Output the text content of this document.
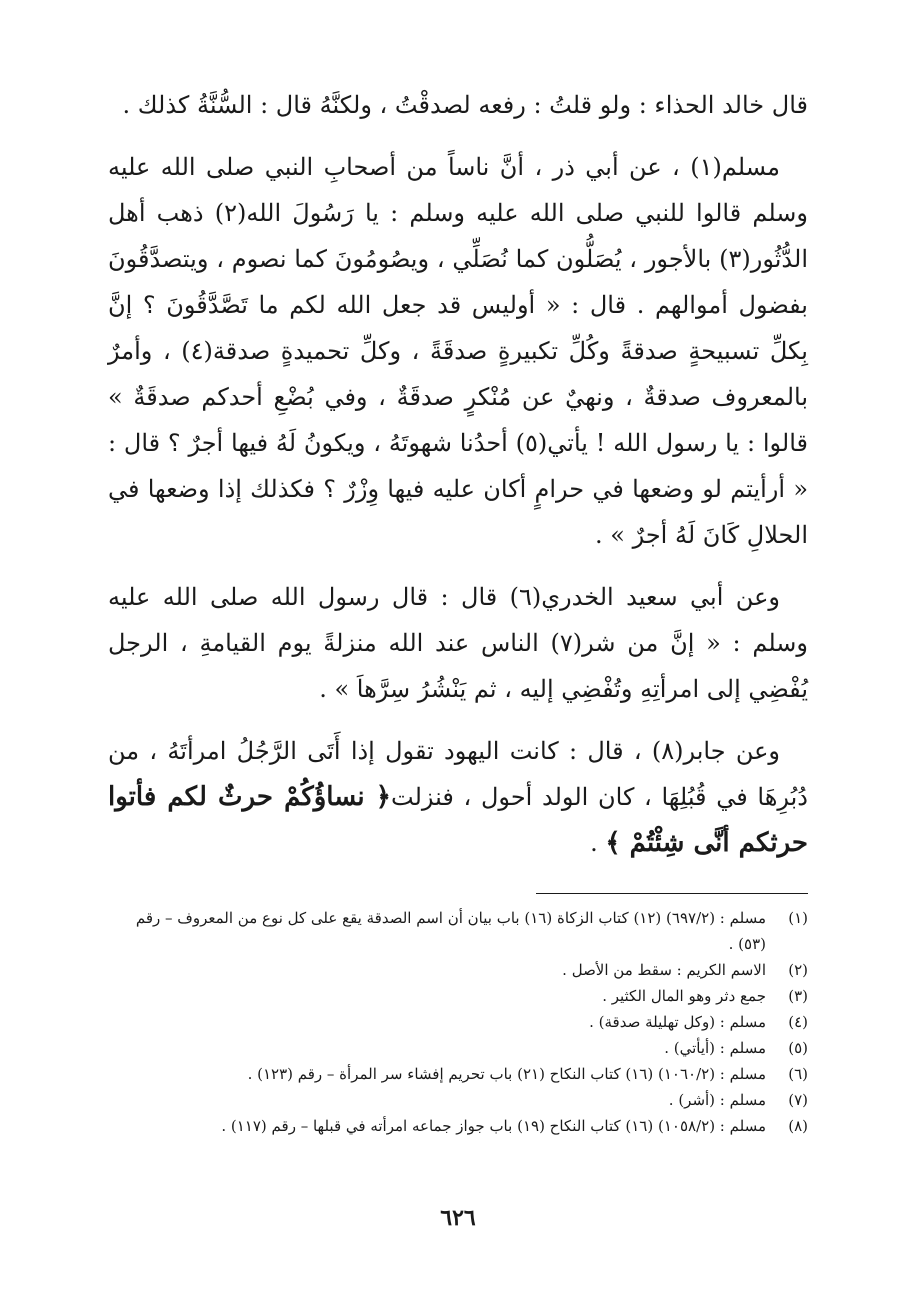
قال خالد الحذاء : ولو قلتُ : رفعه لصدقْتُ ، ولكنَّهُ قال : السُّنَّةُ كذلك .

مسلم(١) ، عن أبي ذر ، أنَّ ناساً من أصحابِ النبي صلى الله عليه وسلم قالوا للنبي صلى الله عليه وسلم : يا رَسُولَ الله(٢) ذهب أهل الدُّثُور(٣) بالأجور ، يُصَلُّون كما نُصَلِّي ، ويصُومُونَ كما نصوم ، ويتصدَّقُونَ بفضول أموالهم . قال : « أوليس قد جعل الله لكم ما تَصَّدَّقُونَ ؟ إنَّ بِكلِّ تسبيحةٍ صدقةً وكُلِّ تكبيرةٍ صدقَةً ، وكلِّ تحميدةٍ صدقة(٤) ، وأمرٌ بالمعروف صدقةٌ ، ونهيٌ عن مُنْكرٍ صدقَةٌ ، وفي بُضْعِ أحدكم صدقَةٌ » قالوا : يا رسول الله ! يأتي(٥) أحدُنا شهوتَهُ ، ويكونُ لَهُ فيها أجرٌ ؟ قال : « أرأيتم لو وضعها في حرامٍ أكان عليه فيها وِزْرٌ ؟ فكذلك إذا وضعها في الحلالِ كَانَ لَهُ أجرٌ » .

وعن أبي سعيد الخدري(٦) قال : قال رسول الله صلى الله عليه وسلم : « إنَّ من شر(٧) الناس عند الله منزلةً يوم القيامةِ ، الرجل يُفْضِي إلى امرأتِهِ وتُفْضِي إليه ، ثم يَنْشُرُ سِرَّهاَ » .

وعن جابر(٨) ، قال : كانت اليهود تقول إذا أَتَى الرَّجُلُ امرأتَهُ ، من دُبُرِهَا في قُبُلِهَا ، كان الولد أحول ، فنزلت﴿ نساؤُكُمْ حرثٌ لكم فأتوا حرثكم أنَّى شِئْتُمْ ﴾ .

(١)
مسلم : (٦٩٧/٢) (١٢) كتاب الزكاة (١٦) باب بيان أن اسم الصدقة يقع على كل نوع من المعروف – رقم (٥٣) .
(٢)
الاسم الكريم : سقط من الأصل .
(٣)
جمع دثر وهو المال الكثير .
(٤)
مسلم : (وكل تهليلة صدقة) .
(٥)
مسلم : (أيأتي) .
(٦)
مسلم : (١٠٦٠/٢) (١٦) كتاب النكاح (٢١) باب تحريم إفشاء سر المرأة – رقم (١٢٣) .
(٧)
مسلم : (أشر) .
(٨)
مسلم : (١٠٥٨/٢) (١٦) كتاب النكاح (١٩) باب جواز جماعه امرأته في قبلها – رقم (١١٧) .
٦٢٦
